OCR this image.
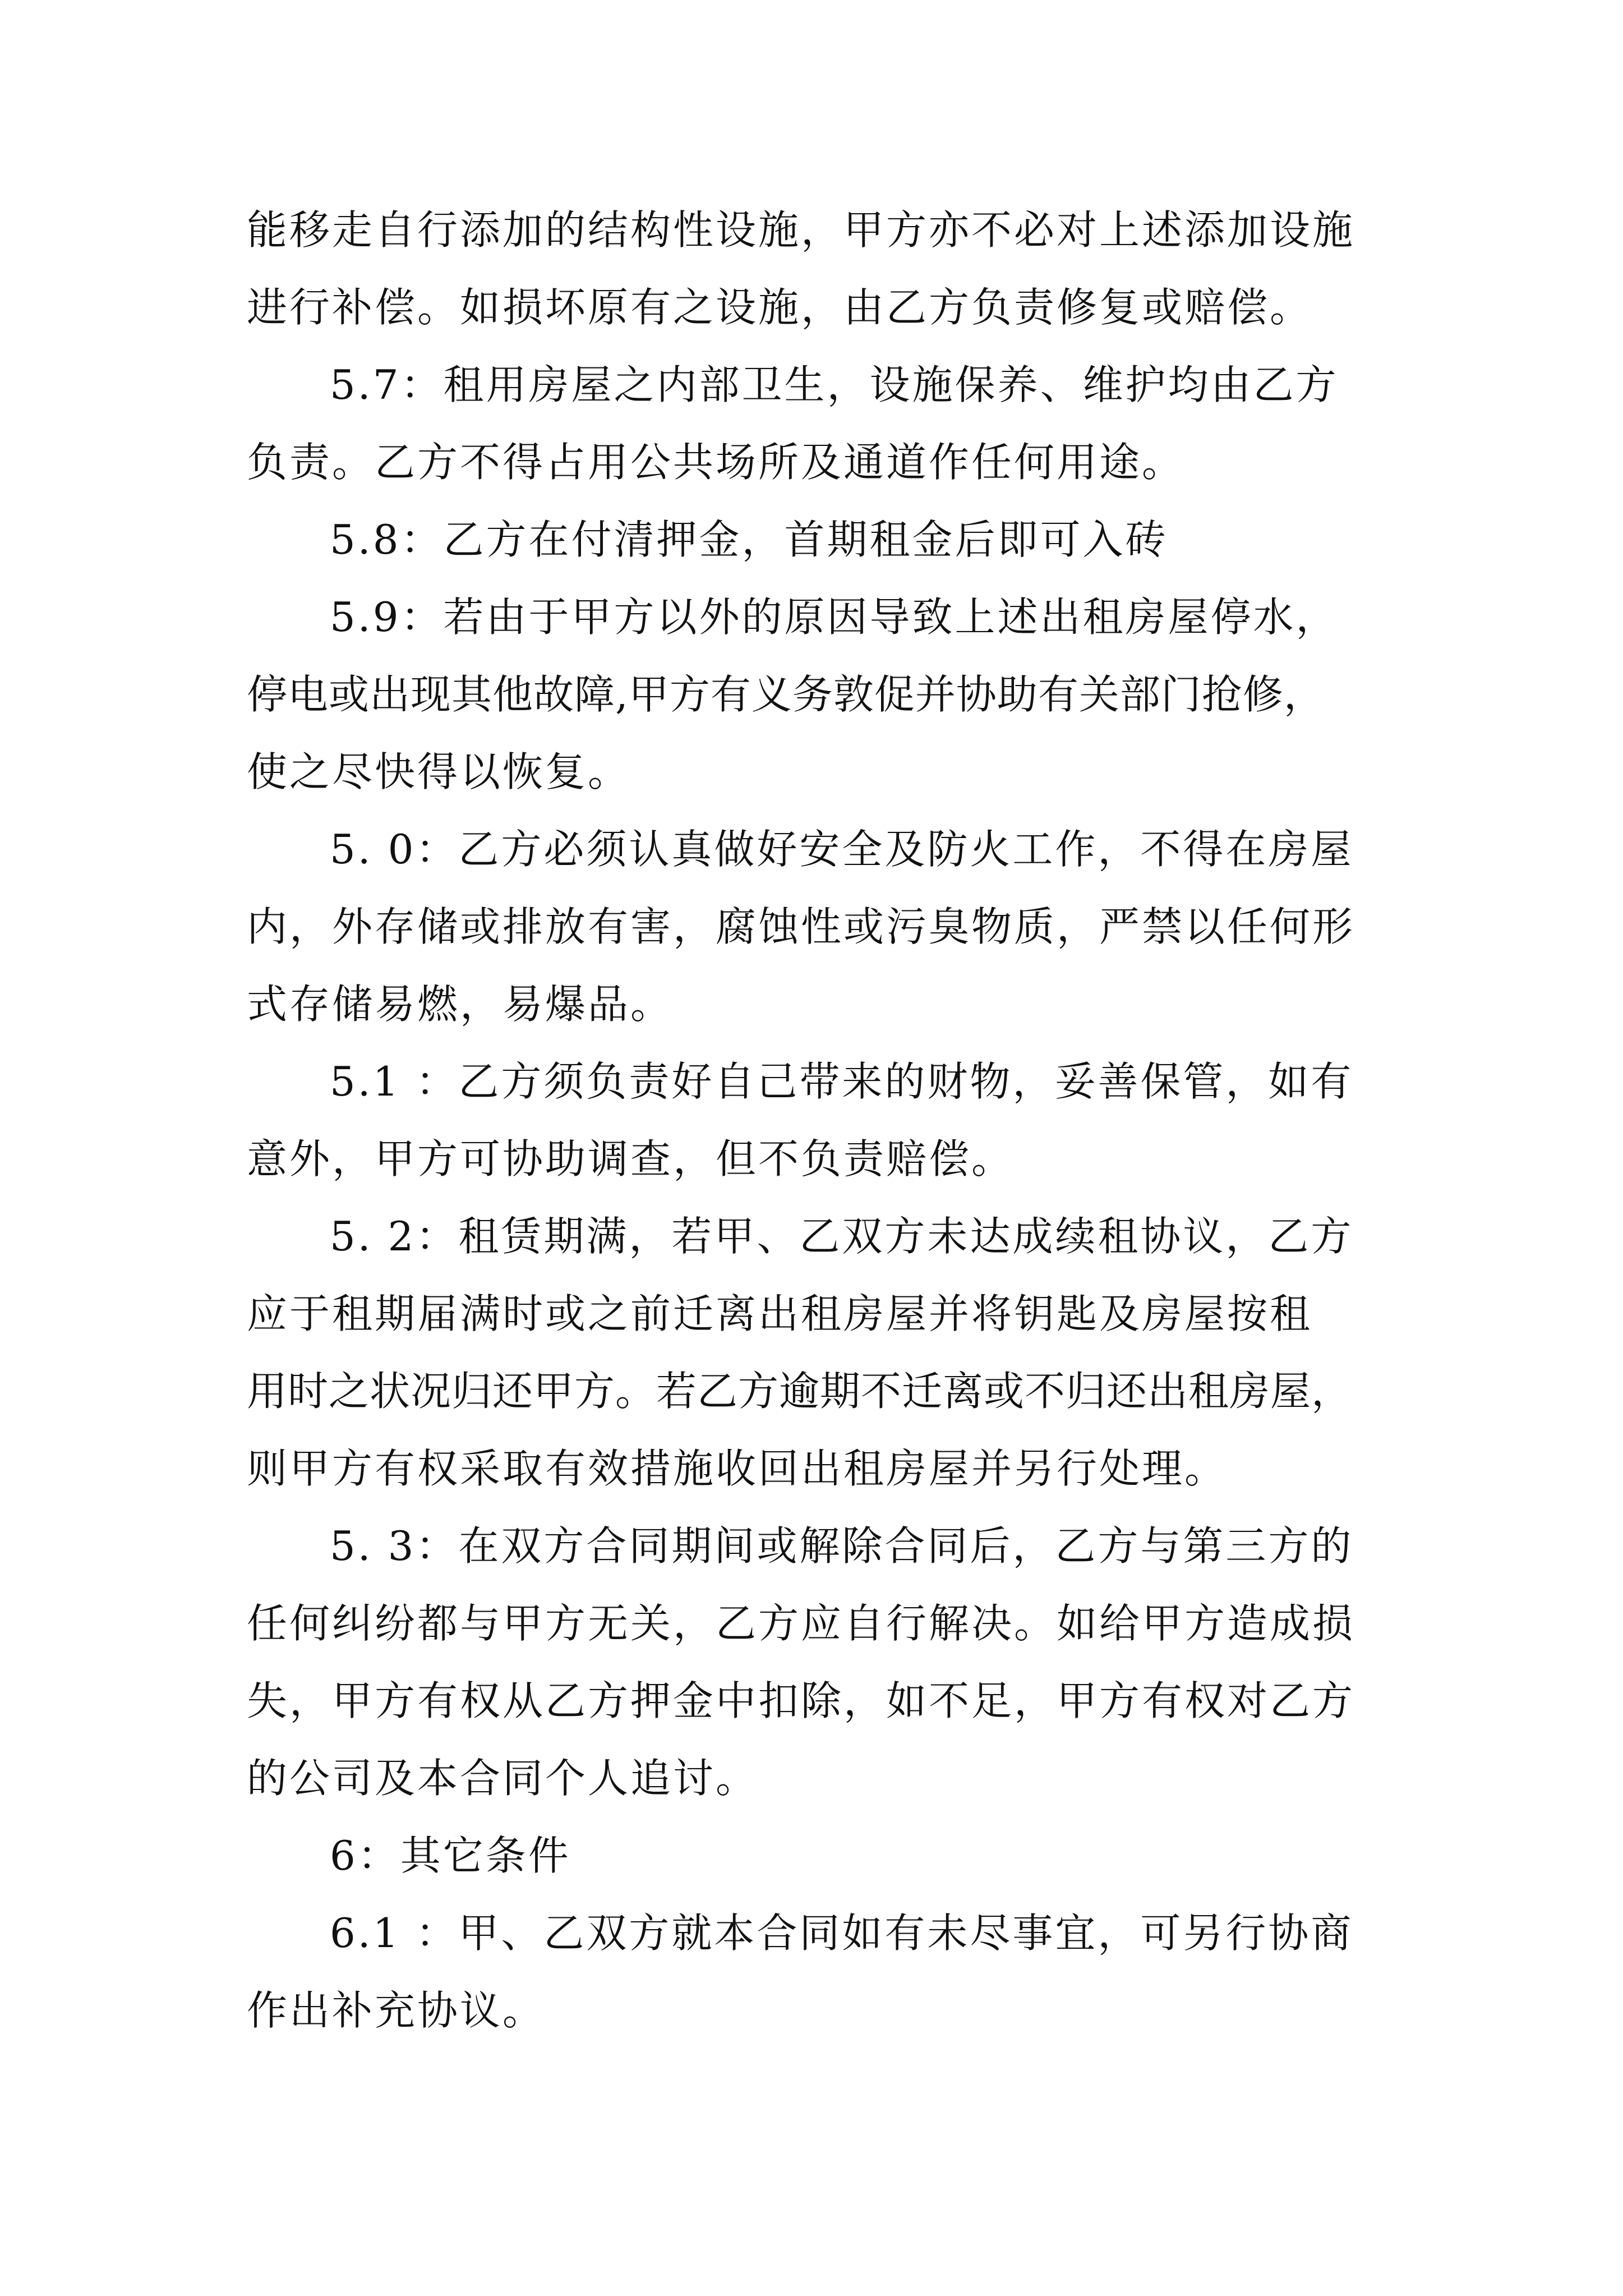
能移走自行添加的结构性设施，甲方亦不必对上述添加设施
进行补偿。如损坏原有之设施，由乙方负责修复或赔偿。
5.7：租用房屋之内部卫生，设施保养、维护均由乙方
负责。乙方不得占用公共场所及通道作任何用途。
5.8：乙方在付清押金，首期租金后即可入砖
5.9：若由于甲方以外的原因导致上述出租房屋停水，
停电或出现其他故障,甲方有义务敦促并协助有关部门抢修，
使之尽快得以恢复。
5. 0：乙方必须认真做好安全及防火工作，不得在房屋
内，外存储或排放有害，腐蚀性或污臭物质，严禁以任何形
式存储易燃，易爆品。
5.1 ：乙方须负责好自己带来的财物，妥善保管，如有
意外，甲方可协助调查，但不负责赔偿。
5. 2：租赁期满，若甲、乙双方未达成续租协议，乙方
应于租期届满时或之前迁离出租房屋并将钥匙及房屋按租
用时之状况归还甲方。若乙方逾期不迁离或不归还出租房屋，
则甲方有权采取有效措施收回出租房屋并另行处理。
5. 3：在双方合同期间或解除合同后，乙方与第三方的
任何纠纷都与甲方无关，乙方应自行解决。如给甲方造成损
失，甲方有权从乙方押金中扣除，如不足，甲方有权对乙方
的公司及本合同个人追讨。
6：其它条件
6.1 ：甲、乙双方就本合同如有未尽事宜，可另行协商
作出补充协议。
